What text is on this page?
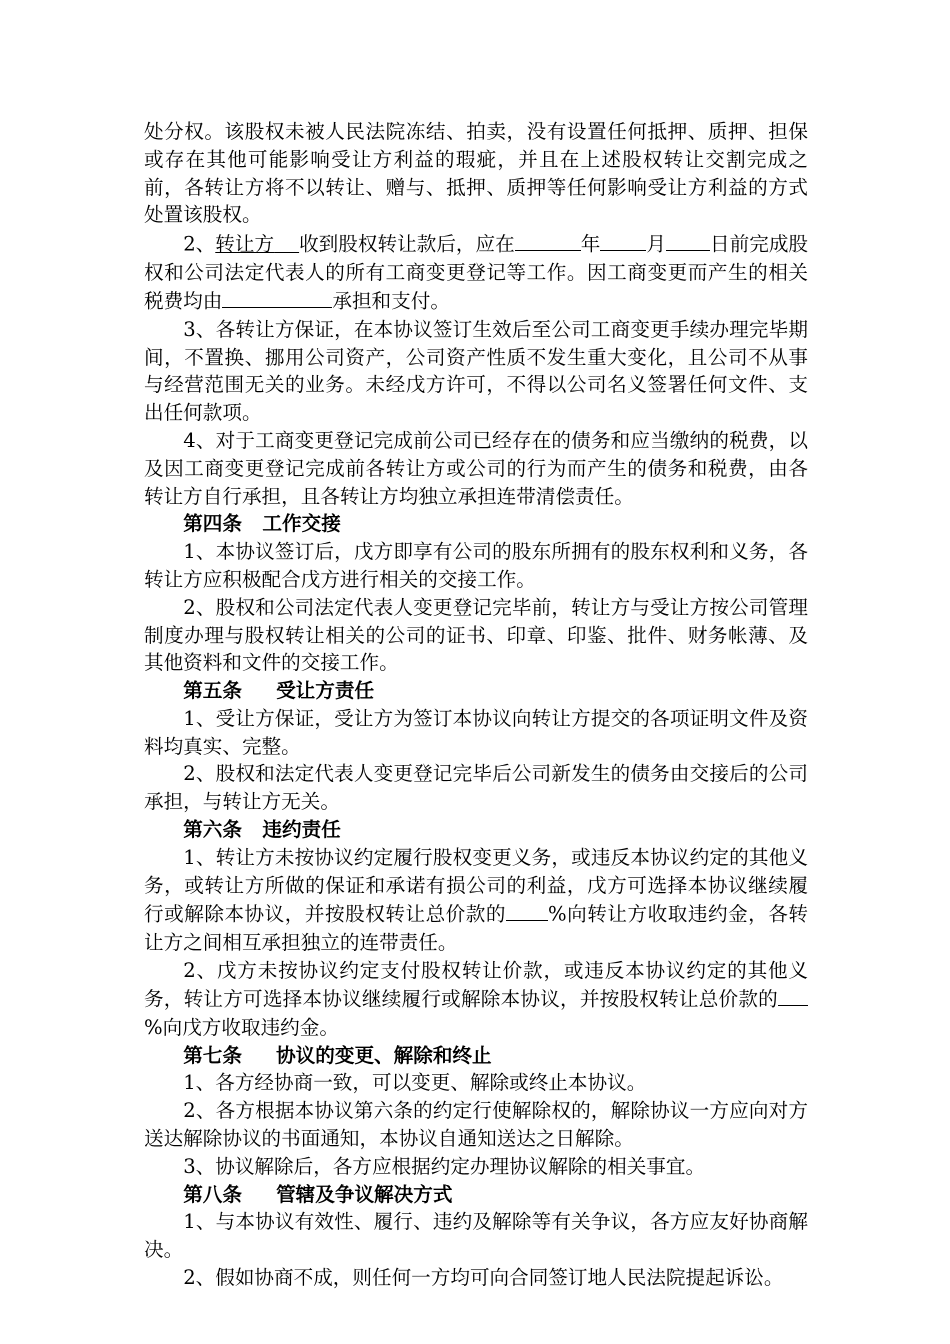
处分权。该股权未被人民法院冻结、拍卖，没有设置任何抵押、质押、担保或存在其他可能影响受让方利益的瑕疵，并且在上述股权转让交割完成之前，各转让方将不以转让、赠与、抵押、质押等任何影响受让方利益的方式处置该股权。

2、转让方 收到股权转让款后，应在	年 月 日前完成股权和公司法定代表人的所有工商变更登记等工作。因工商变更而产生的相关税费均由	承担和支付。

3、各转让方保证，在本协议签订生效后至公司工商变更手续办理完毕期间，不置换、挪用公司资产，公司资产性质不发生重大变化，且公司不从事与经营范围无关的业务。未经戊方许可，不得以公司名义签署任何文件、支出任何款项。

4、对于工商变更登记完成前公司已经存在的债务和应当缴纳的税费，以及因工商变更登记完成前各转让方或公司的行为而产生的债务和税费，由各转让方自行承担，且各转让方均独立承担连带清偿责任。

第四条   工作交接

1、本协议签订后，戊方即享有公司的股东所拥有的股东权利和义务，各转让方应积极配合戊方进行相关的交接工作。

2、股权和公司法定代表人变更登记完毕前，转让方与受让方按公司管理制度办理与股权转让相关的公司的证书、印章、印鉴、批件、财务帐薄、及其他资料和文件的交接工作。

第五条     受让方责任

1、受让方保证，受让方为签订本协议向转让方提交的各项证明文件及资料均真实、完整。

2、股权和法定代表人变更登记完毕后公司新发生的债务由交接后的公司承担，与转让方无关。

第六条   违约责任

1、转让方未按协议约定履行股权变更义务，或违反本协议约定的其他义务，或转让方所做的保证和承诺有损公司的利益，戊方可选择本协议继续履行或解除本协议，并按股权转让总价款的 %向转让方收取违约金，各转让方之间相互承担独立的连带责任。

2、戊方未按协议约定支付股权转让价款，或违反本协议约定的其他义务，转让方可选择本协议继续履行或解除本协议，并按股权转让总价款的%向戊方收取违约金。

第七条     协议的变更、解除和终止

1、各方经协商一致，可以变更、解除或终止本协议。

2、各方根据本协议第六条的约定行使解除权的，解除协议一方应向对方送达解除协议的书面通知，本协议自通知送达之日解除。

3、协议解除后，各方应根据约定办理协议解除的相关事宜。

第八条     管辖及争议解决方式

1、与本协议有效性、履行、违约及解除等有关争议，各方应友好协商解决。

2、假如协商不成，则任何一方均可向合同签订地人民法院提起诉讼。
